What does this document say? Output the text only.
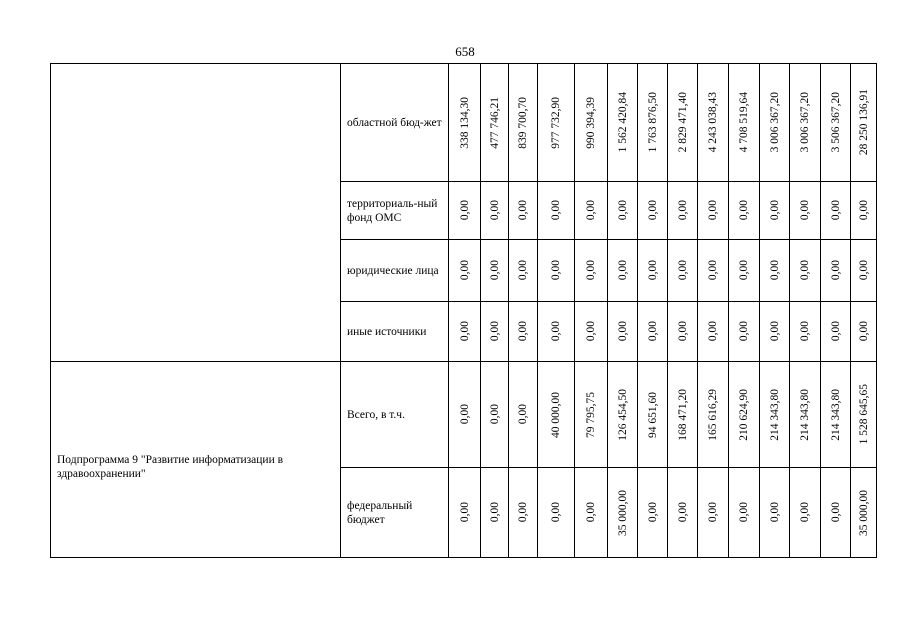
658
	областной бюд-жет	338 134,30	477 746,21	839 700,70	977 732,90	990 394,39	1 562 420,84	1 763 876,50	2 829 471,40	4 243 038,43	4 708 519,64	3 006 367,20	3 006 367,20	3 506 367,20	28 250 136,91

	территориаль-ный фонд ОМС	0,00	0,00	0,00	0,00	0,00	0,00	0,00	0,00	0,00	0,00	0,00	0,00	0,00	0,00

	юридические лица	0,00	0,00	0,00	0,00	0,00	0,00	0,00	0,00	0,00	0,00	0,00	0,00	0,00	0,00

	иные источники	0,00	0,00	0,00	0,00	0,00	0,00	0,00	0,00	0,00	0,00	0,00	0,00	0,00	0,00

Подпрограмма 9 "Развитие информатизации в здравоохранении"	Всего, в т.ч.	0,00	0,00	0,00	40 000,00	79 795,75	126 454,50	94 651,60	168 471,20	165 616,29	210 624,90	214 343,80	214 343,80	214 343,80	1 528 645,65

	федеральный бюджет	0,00	0,00	0,00	0,00	0,00	35 000,00	0,00	0,00	0,00	0,00	0,00	0,00	0,00	35 000,00
